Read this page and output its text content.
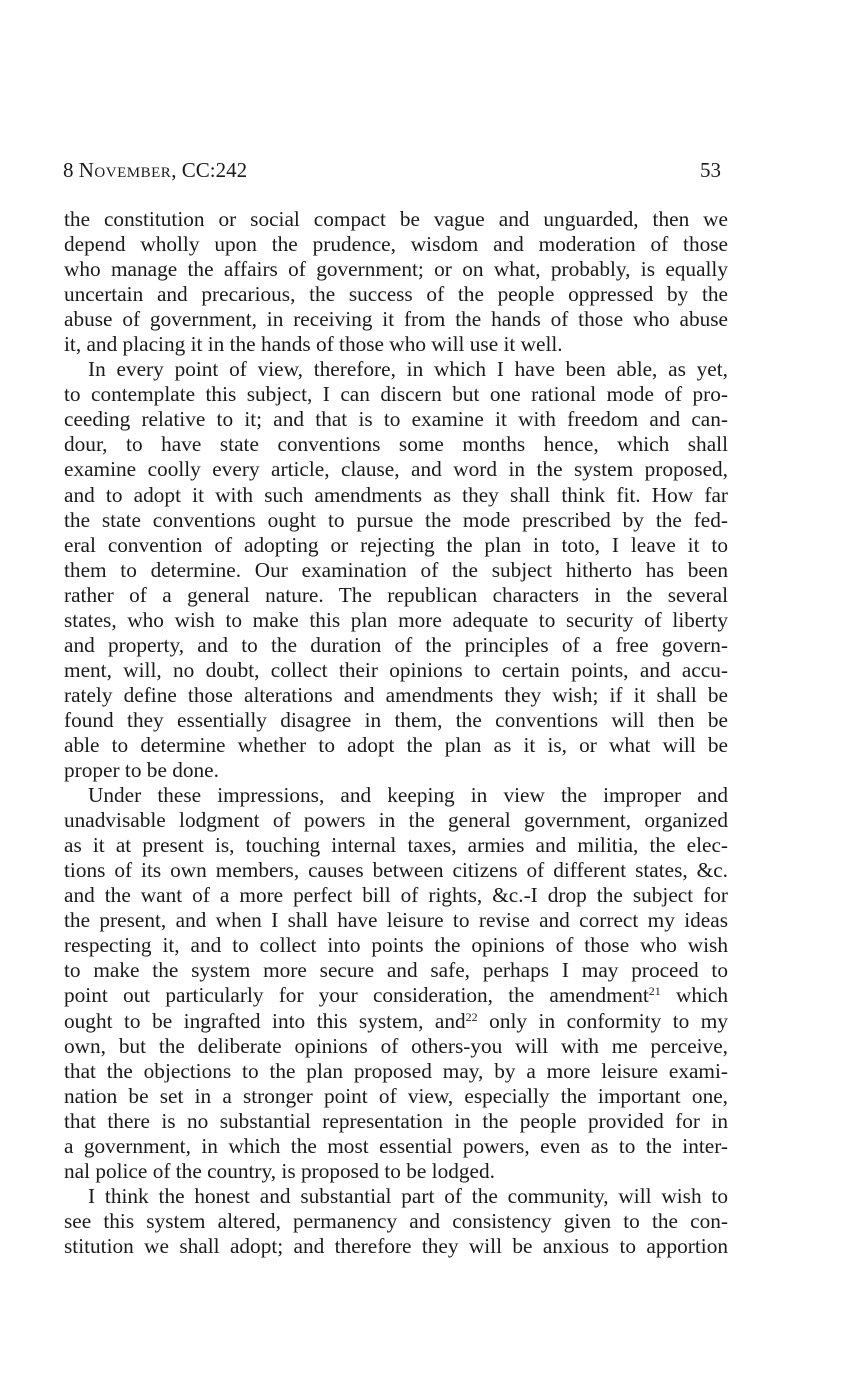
8 November, CC:242	53
the constitution or social compact be vague and unguarded, then we
depend wholly upon the prudence, wisdom and moderation of those
who manage the affairs of government; or on what, probably, is equally
uncertain and precarious, the success of the people oppressed by the
abuse of government, in receiving it from the hands of those who abuse
it, and placing it in the hands of those who will use it well.
In every point of view, therefore, in which I have been able, as yet,
to contemplate this subject, I can discern but one rational mode of pro-
ceeding relative to it; and that is to examine it with freedom and can-
dour, to have state conventions some months hence, which shall
examine coolly every article, clause, and word in the system proposed,
and to adopt it with such amendments as they shall think fit. How far
the state conventions ought to pursue the mode prescribed by the fed-
eral convention of adopting or rejecting the plan in toto, I leave it to
them to determine. Our examination of the subject hitherto has been
rather of a general nature. The republican characters in the several
states, who wish to make this plan more adequate to security of liberty
and property, and to the duration of the principles of a free govern-
ment, will, no doubt, collect their opinions to certain points, and accu-
rately define those alterations and amendments they wish; if it shall be
found they essentially disagree in them, the conventions will then be
able to determine whether to adopt the plan as it is, or what will be
proper to be done.
Under these impressions, and keeping in view the improper and
unadvisable lodgment of powers in the general government, organized
as it at present is, touching internal taxes, armies and militia, the elec-
tions of its own members, causes between citizens of different states, &c.
and the want of a more perfect bill of rights, &c.-I drop the subject for
the present, and when I shall have leisure to revise and correct my ideas
respecting it, and to collect into points the opinions of those who wish
to make the system more secure and safe, perhaps I may proceed to
point out particularly for your consideration, the amendment$^{21}$ which
ought to be ingrafted into this system, and$^{22}$ only in conformity to my
own, but the deliberate opinions of others-you will with me perceive,
that the objections to the plan proposed may, by a more leisure exami-
nation be set in a stronger point of view, especially the important one,
that there is no substantial representation in the people provided for in
a government, in which the most essential powers, even as to the inter-
nal police of the country, is proposed to be lodged.
I think the honest and substantial part of the community, will wish to
see this system altered, permanency and consistency given to the con-
stitution we shall adopt; and therefore they will be anxious to apportion
